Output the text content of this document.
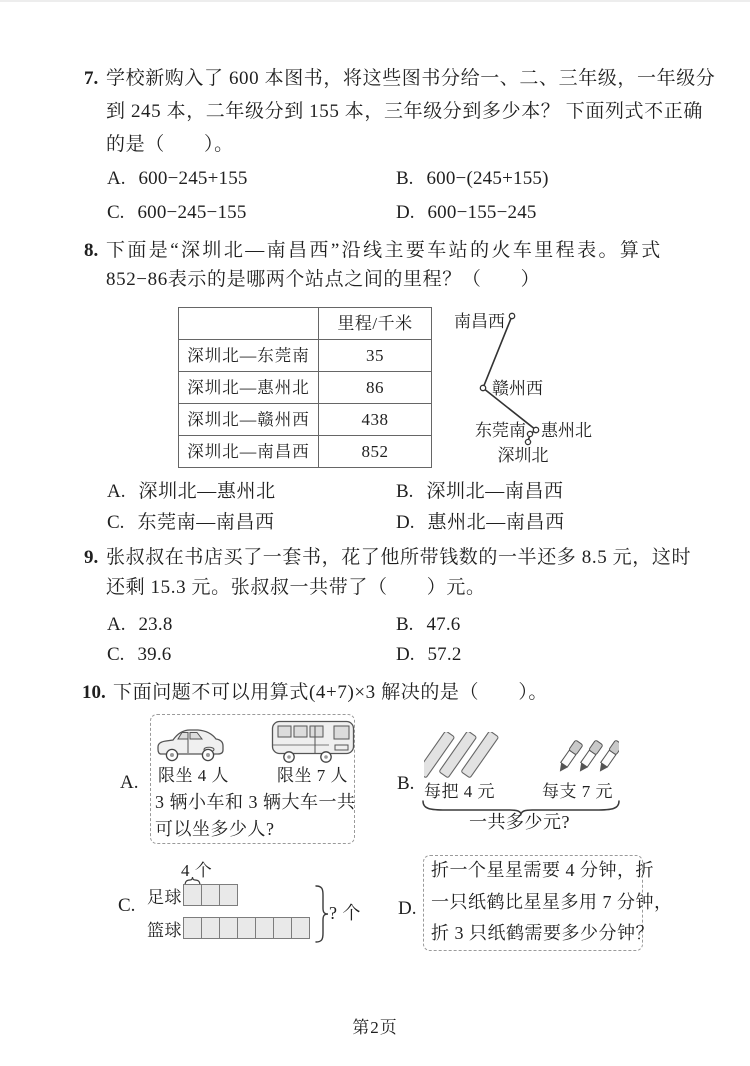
7. 学校新购入了 600 本图书，将这些图书分给一、二、三年级，一年级分
到 245 本，二年级分到 155 本，三年级分到多少本？ 下面列式不正确
的是（　　）。
A. 600−245+155	B. 600−(245+155)
C. 600−245−155	D. 600−155−245
8. 下面是“深圳北—南昌西”沿线主要车站的火车里程表。算式
852−86表示的是哪两个站点之间的里程？（　　）
里程/千米
深圳北—东莞南	35
深圳北—惠州北	86
深圳北—赣州西	438
深圳北—南昌西	852
南昌西
赣州西
东莞南 惠州北
深圳北
A. 深圳北—惠州北	B. 深圳北—南昌西
C. 东莞南—南昌西	D. 惠州北—南昌西
9. 张叔叔在书店买了一套书，花了他所带钱数的一半还多 8.5 元，这时
还剩 15.3 元。张叔叔一共带了（　　）元。
A. 23.8	B. 47.6
C. 39.6	D. 57.2
10. 下面问题不可以用算式(4+7)×3 解决的是（　　）。
A. 限坐 4 人	限坐 7 人
3 辆小车和 3 辆大车一共
可以坐多少人?
B. 每把 4 元	每支 7 元
一共多少元?
C.
4 个
足球
篮球
? 个 D.
折一个星星需要 4 分钟，折
一只纸鹤比星星多用 7 分钟，
折 3 只纸鹤需要多少分钟？
第2页
